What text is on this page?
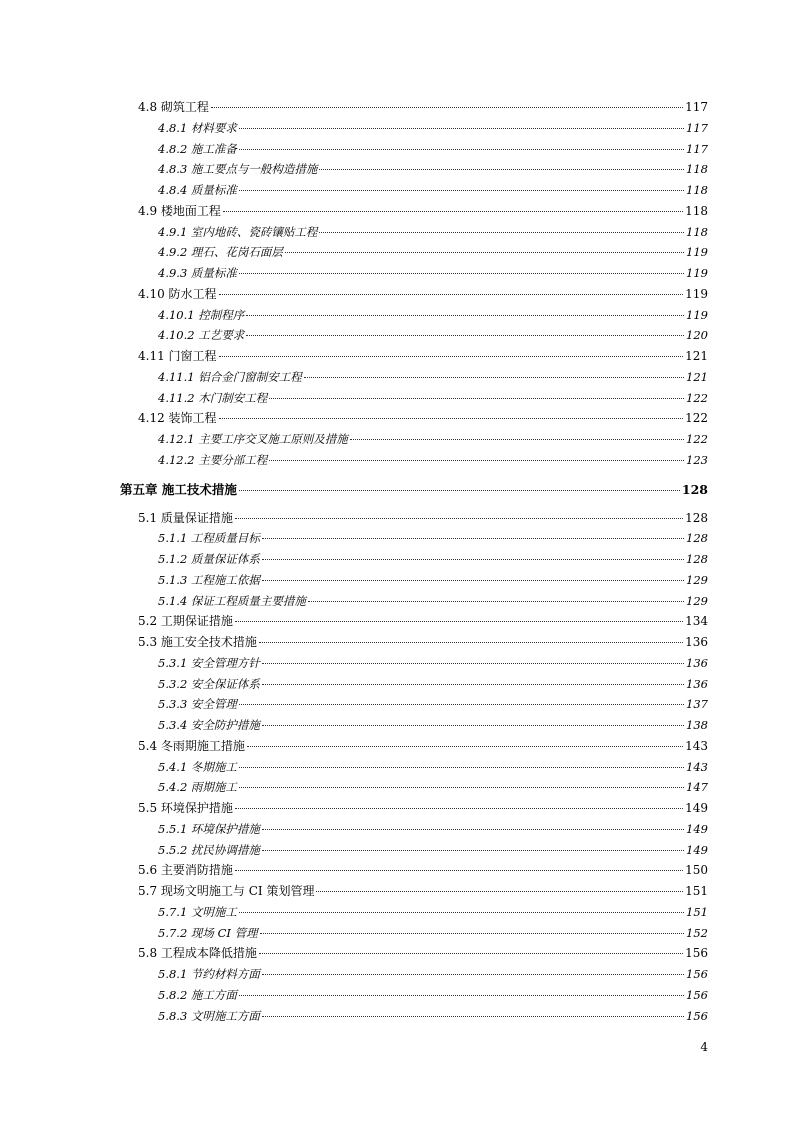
4.8 砌筑工程	117
4.8.1 材料要求	117
4.8.2 施工准备	117
4.8.3 施工要点与一般构造措施	118
4.8.4 质量标准	118
4.9 楼地面工程	118
4.9.1 室内地砖、瓷砖镶贴工程	118
4.9.2 理石、花岗石面层	119
4.9.3 质量标准	119
4.10 防水工程	119
4.10.1 控制程序	119
4.10.2 工艺要求	120
4.11 门窗工程	121
4.11.1 铝合金门窗制安工程	121
4.11.2 木门制安工程	122
4.12 装饰工程	122
4.12.1 主要工序交叉施工原则及措施	122
4.12.2 主要分部工程	123
第五章 施工技术措施	128
5.1 质量保证措施	128
5.1.1 工程质量目标	128
5.1.2 质量保证体系	128
5.1.3 工程施工依据	129
5.1.4 保证工程质量主要措施	129
5.2 工期保证措施	134
5.3 施工安全技术措施	136
5.3.1 安全管理方针	136
5.3.2 安全保证体系	136
5.3.3 安全管理	137
5.3.4 安全防护措施	138
5.4 冬雨期施工措施	143
5.4.1 冬期施工	143
5.4.2 雨期施工	147
5.5 环境保护措施	149
5.5.1 环境保护措施	149
5.5.2 扰民协调措施	149
5.6 主要消防措施	150
5.7 现场文明施工与 CI 策划管理	151
5.7.1 文明施工	151
5.7.2 现场 CI 管理	152
5.8 工程成本降低措施	156
5.8.1 节约材料方面	156
5.8.2 施工方面	156
5.8.3 文明施工方面	156
4
